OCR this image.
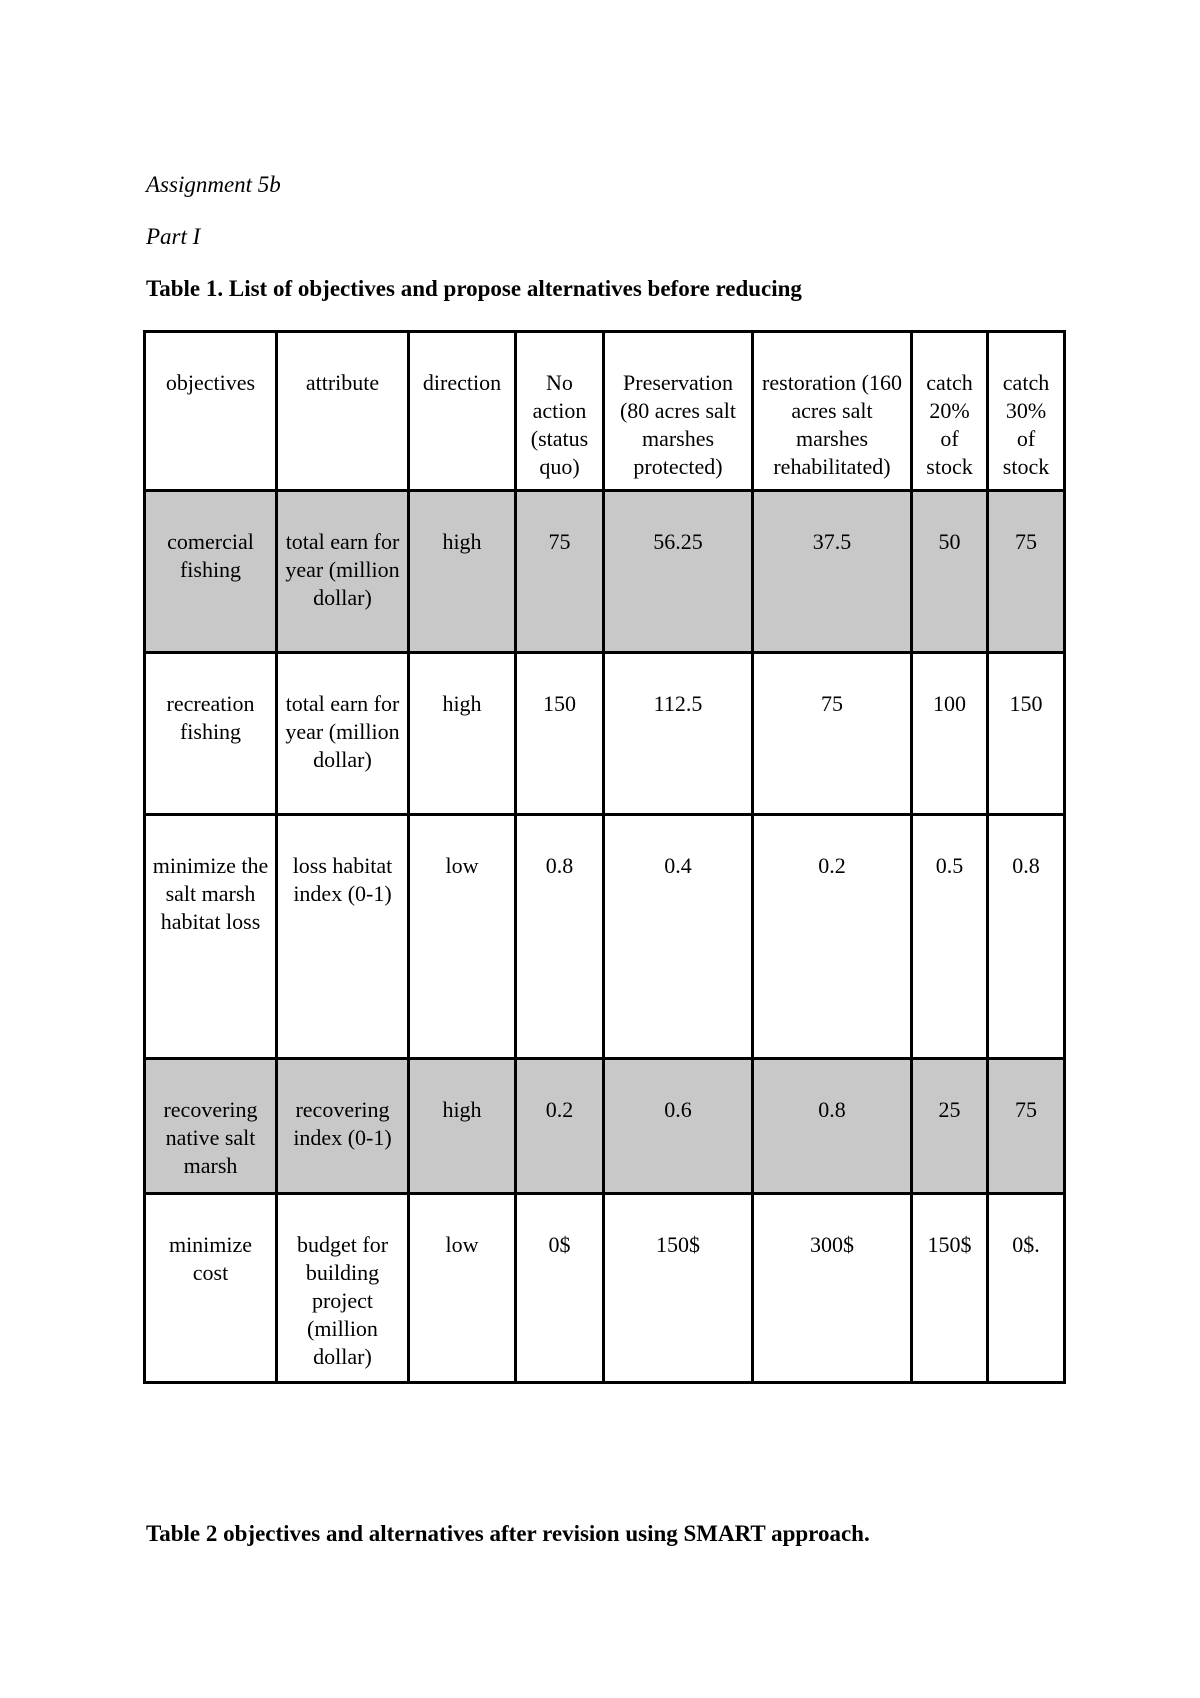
Assignment 5b

Part I

Table 1. List of objectives and propose alternatives before reducing

objectives	attribute	direction	No action (status quo)	Preservation (80 acres salt marshes protected)	restoration (160 acres salt marshes rehabilitated)	catch 20% of stock	catch 30% of stock
comercial fishing	total earn for year (million dollar)	high	75	56.25	37.5	50	75
recreation fishing	total earn for year (million dollar)	high	150	112.5	75	100	150
minimize the salt marsh habitat loss	loss habitat index (0-1)	low	0.8	0.4	0.2	0.5	0.8
recovering native salt marsh	recovering index (0-1)	high	0.2	0.6	0.8	25	75
minimize cost	budget for building project (million dollar)	low	0$	150$	300$	150$	0$.

Table 2 objectives and alternatives after revision using SMART approach.
